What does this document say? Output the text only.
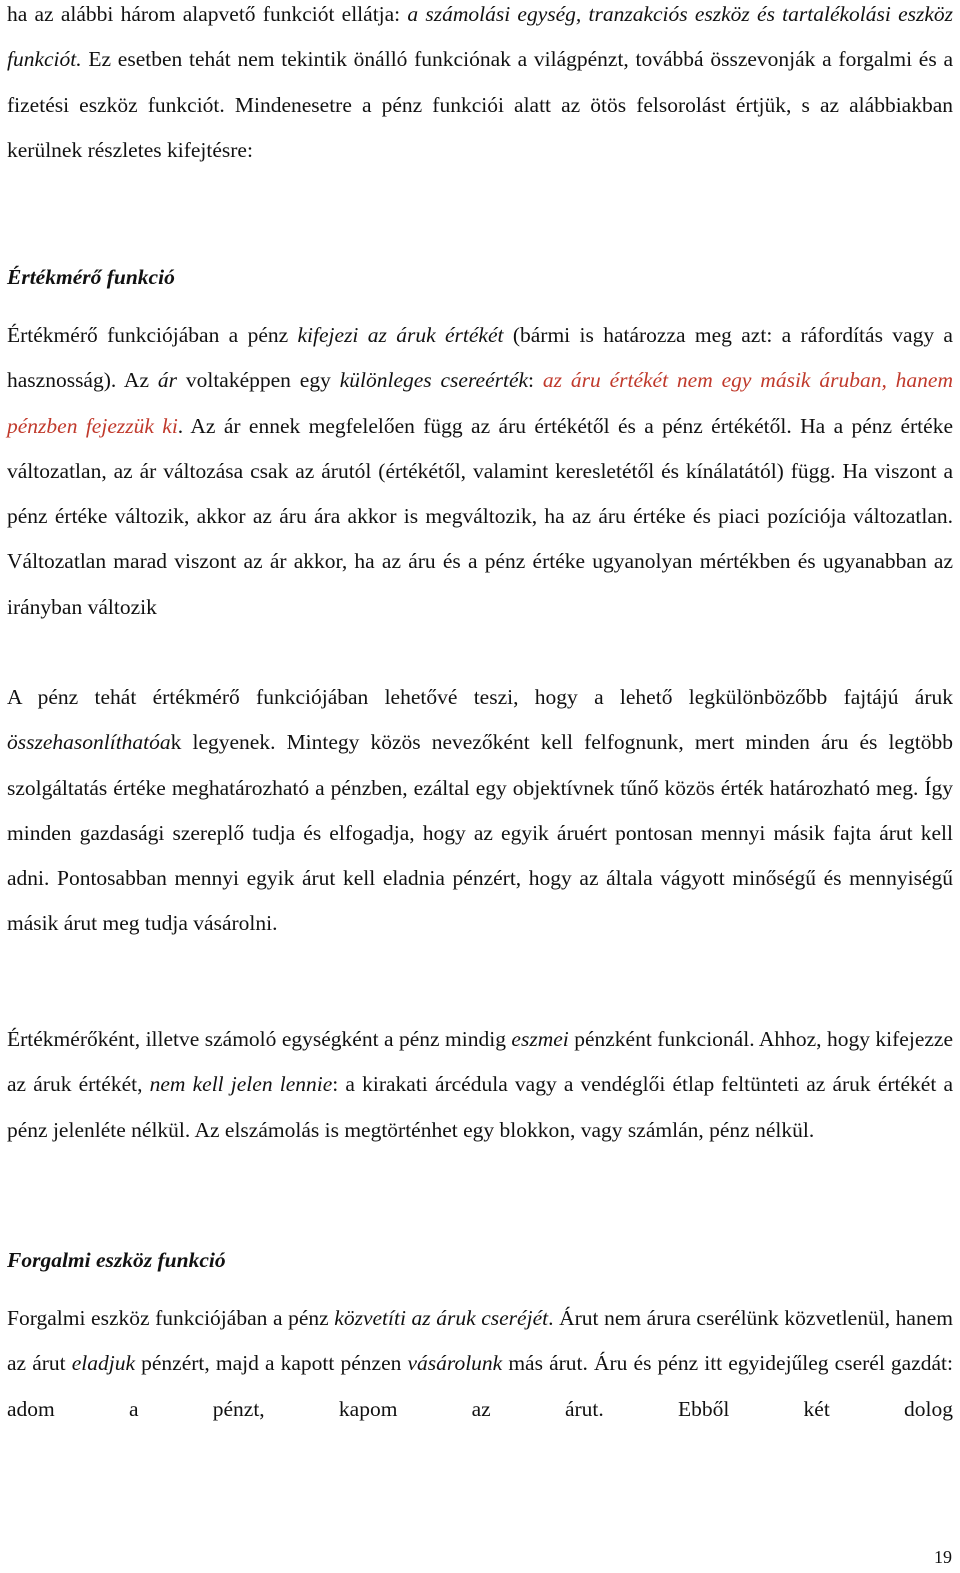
ha az alábbi három alapvető funkciót ellátja: a számolási egység, tranzakciós eszköz és tartalékolási eszköz funkciót. Ez esetben tehát nem tekintik önálló funkciónak a világpénzt, továbbá összevonják a forgalmi és a fizetési eszköz funkciót. Mindenesetre a pénz funkciói alatt az ötös felsorolást értjük, s az alábbiakban kerülnek részletes kifejtésre:

Értékmérő funkció

Értékmérő funkciójában a pénz kifejezi az áruk értékét (bármi is határozza meg azt: a ráfordítás vagy a hasznosság). Az ár voltaképpen egy különleges csereérték: az áru értékét nem egy másik áruban, hanem pénzben fejezzük ki. Az ár ennek megfelelően függ az áru értékétől és a pénz értékétől. Ha a pénz értéke változatlan, az ár változása csak az árutól (értékétől, valamint keresletétől és kínálatától) függ. Ha viszont a pénz értéke változik, akkor az áru ára akkor is megváltozik, ha az áru értéke és piaci pozíciója változatlan. Változatlan marad viszont az ár akkor, ha az áru és a pénz értéke ugyanolyan mértékben és ugyanabban az irányban változik

A pénz tehát értékmérő funkciójában lehetővé teszi, hogy a lehető legkülönbözőbb fajtájú áruk összehasonlíthatóak legyenek. Mintegy közös nevezőként kell felfognunk, mert minden áru és legtöbb szolgáltatás értéke meghatározható a pénzben, ezáltal egy objektívnek tűnő közös érték határozható meg. Így minden gazdasági szereplő tudja és elfogadja, hogy az egyik áruért pontosan mennyi másik fajta árut kell adni. Pontosabban mennyi egyik árut kell eladnia pénzért, hogy az általa vágyott minőségű és mennyiségű másik árut meg tudja vásárolni.

Értékmérőként, illetve számoló egységként a pénz mindig eszmei pénzként funkcionál. Ahhoz, hogy kifejezze az áruk értékét, nem kell jelen lennie: a kirakati árcédula vagy a vendéglői étlap feltünteti az áruk értékét a pénz jelenléte nélkül. Az elszámolás is megtörténhet egy blokkon, vagy számlán, pénz nélkül.

Forgalmi eszköz funkció

Forgalmi eszköz funkciójában a pénz közvetíti az áruk cseréjét. Árut nem árura cserélünk közvetlenül, hanem az árut eladjuk pénzért, majd a kapott pénzen vásárolunk más árut. Áru és pénz itt egyidejűleg cserél gazdát: adom a pénzt, kapom az árut. Ebből két dolog

19
